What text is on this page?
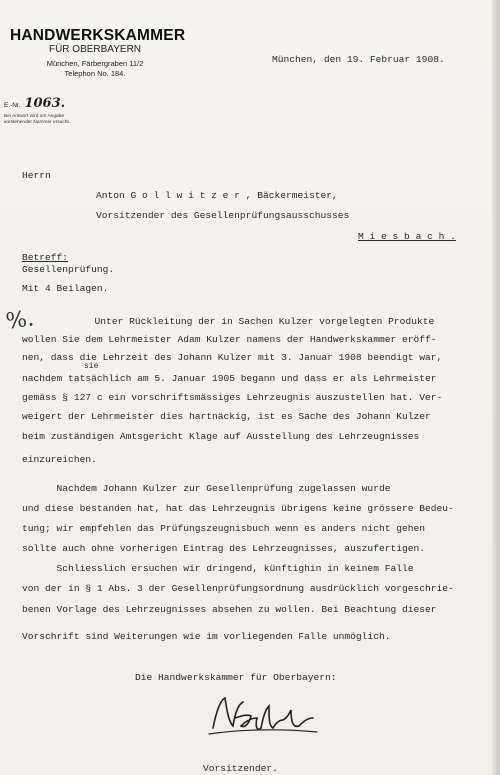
HANDWERKSKAMMER
FÜR OBERBAYERN
München, Färbergraben 11/2
Telephon No. 184.
E.-Nr. 1063.
Bei Antwort wird um Angabe
vorstehender Nummer ersucht.
München, den 19. Februar 1908.
Herrn
Anton G o l l w i t z e r , Bäckermeister,
Vorsitzender des Gesellenprüfungsausschusses
M i e s b a c h .
Betreff:
Gesellenprüfung.
Mit 4 Beilagen.
%.	Unter Rückleitung der in Sachen Kulzer vorgelegten Produkte
wollen Sie dem Lehrmeister Adam Kulzer namens der Handwerkskammer eröff-
nen, dass die Lehrzeit des Johann Kulzer mit 3. Januar 1908 beendigt war,
sie
nachdem tatsächlich am 5. Januar 1905 begann und dass er als Lehrmeister
gemäss § 127 c ein vorschriftsmässiges Lehrzeugnis auszustellen hat. Ver-
weigert der Lehrmeister dies hartnäckig, ist es Sache des Johann Kulzer
beim zuständigen Amtsgericht Klage auf Ausstellung des Lehrzeugnisses
einzureichen.
Nachdem Johann Kulzer zur Gesellenprüfung zugelassen wurde
und diese bestanden hat, hat das Lehrzeugnis übrigens keine grössere Bedeu-
tung; wir empfehlen das Prüfungszeugnisbuch wenn es anders nicht gehen
sollte auch ohne vorherigen Eintrag des Lehrzeugnisses, auszufertigen.
Schliesslich ersuchen wir dringend, künftighin in keinem Falle
von der in § 1 Abs. 3 der Gesellenprüfungsordnung ausdrücklich vorgeschrie-
benen Vorlage des Lehrzeugnisses absehen zu wollen. Bei Beachtung dieser
Vorschrift sind Weiterungen wie im vorliegenden Falle unmöglich.
Die Handwerkskammer für Oberbayern:
Vorsitzender.
